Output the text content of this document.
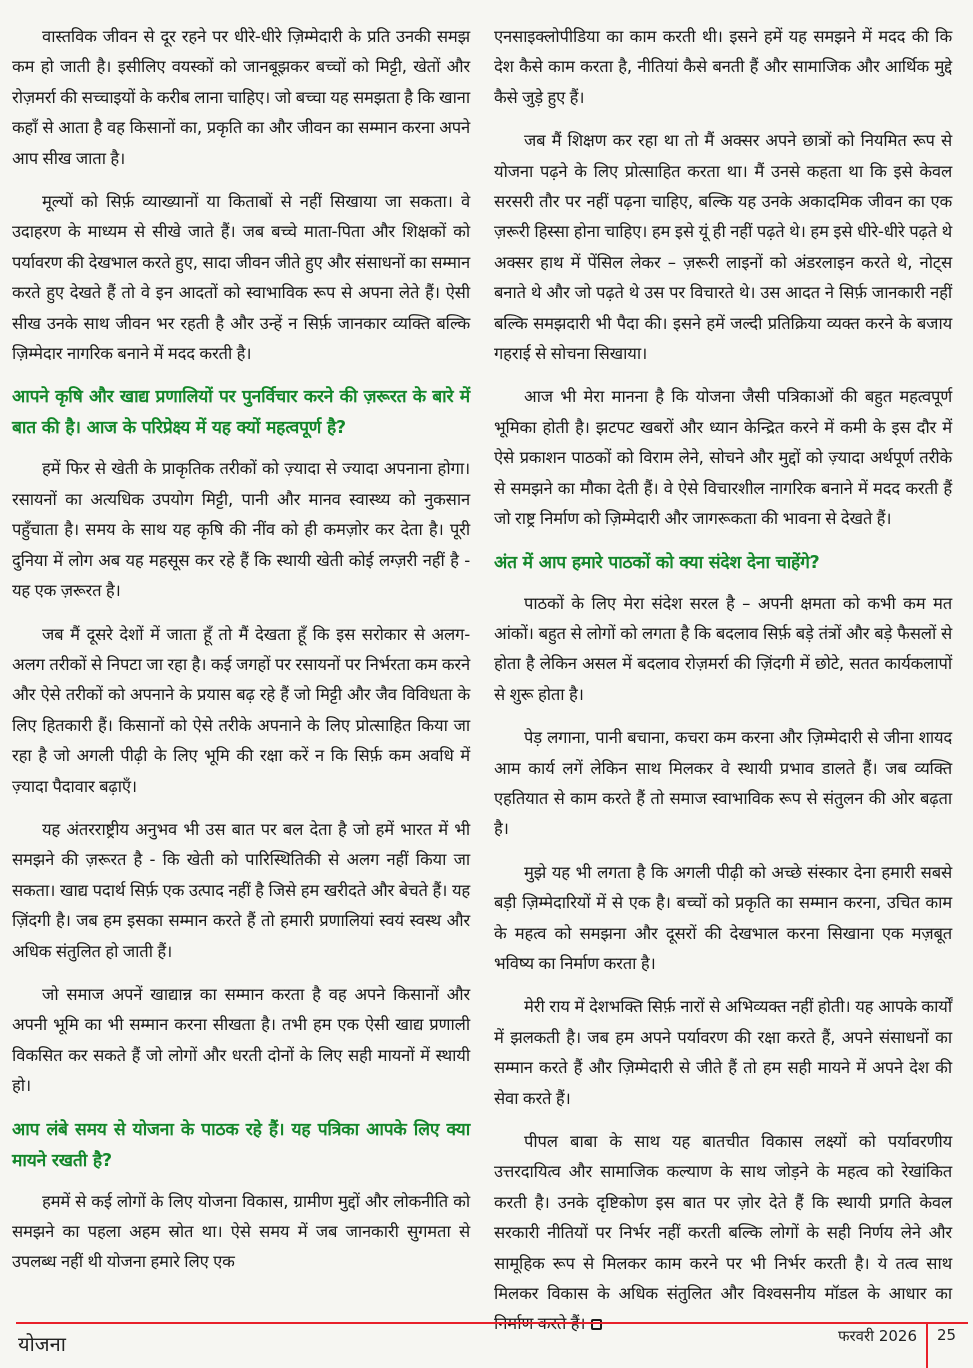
वास्तविक जीवन से दूर रहने पर धीरे-धीरे ज़िम्मेदारी के प्रति उनकी समझ कम हो जाती है। इसीलिए वयस्कों को जानबूझकर बच्चों को मिट्टी, खेतों और रोज़मर्रा की सच्चाइयों के करीब लाना चाहिए। जो बच्चा यह समझता है कि खाना कहाँ से आता है वह किसानों का, प्रकृति का और जीवन का सम्मान करना अपने आप सीख जाता है।

मूल्यों को सिर्फ़ व्याख्यानों या किताबों से नहीं सिखाया जा सकता। वे उदाहरण के माध्यम से सीखे जाते हैं। जब बच्चे माता-पिता और शिक्षकों को पर्यावरण की देखभाल करते हुए, सादा जीवन जीते हुए और संसाधनों का सम्मान करते हुए देखते हैं तो वे इन आदतों को स्वाभाविक रूप से अपना लेते हैं। ऐसी सीख उनके साथ जीवन भर रहती है और उन्हें न सिर्फ़ जानकार व्यक्ति बल्कि ज़िम्मेदार नागरिक बनाने में मदद करती है।

आपने कृषि और खाद्य प्रणालियों पर पुनर्विचार करने की ज़रूरत के बारे में बात की है। आज के परिप्रेक्ष्य में यह क्यों महत्वपूर्ण है?

हमें फिर से खेती के प्राकृतिक तरीकों को ज़्यादा से ज्यादा अपनाना होगा। रसायनों का अत्यधिक उपयोग मिट्टी, पानी और मानव स्वास्थ्य को नुकसान पहुँचाता है। समय के साथ यह कृषि की नींव को ही कमज़ोर कर देता है। पूरी दुनिया में लोग अब यह महसूस कर रहे हैं कि स्थायी खेती कोई लग्ज़री नहीं है - यह एक ज़रूरत है।

जब मैं दूसरे देशों में जाता हूँ तो मैं देखता हूँ कि इस सरोकार से अलग-अलग तरीकों से निपटा जा रहा है। कई जगहों पर रसायनों पर निर्भरता कम करने और ऐसे तरीकों को अपनाने के प्रयास बढ़ रहे हैं जो मिट्टी और जैव विविधता के लिए हितकारी हैं। किसानों को ऐसे तरीके अपनाने के लिए प्रोत्साहित किया जा रहा है जो अगली पीढ़ी के लिए भूमि की रक्षा करें न कि सिर्फ़ कम अवधि में ज़्यादा पैदावार बढ़ाएँ।

यह अंतरराष्ट्रीय अनुभव भी उस बात पर बल देता है जो हमें भारत में भी समझने की ज़रूरत है - कि खेती को पारिस्थितिकी से अलग नहीं किया जा सकता। खाद्य पदार्थ सिर्फ़ एक उत्पाद नहीं है जिसे हम खरीदते और बेचते हैं। यह ज़िंदगी है। जब हम इसका सम्मान करते हैं तो हमारी प्रणालियां स्वयं स्वस्थ और अधिक संतुलित हो जाती हैं।

जो समाज अपनें खाद्यान्न का सम्मान करता है वह अपने किसानों और अपनी भूमि का भी सम्मान करना सीखता है। तभी हम एक ऐसी खाद्य प्रणाली विकसित कर सकते हैं जो लोगों और धरती दोनों के लिए सही मायनों में स्थायी हो।

आप लंबे समय से योजना के पाठक रहे हैं। यह पत्रिका आपके लिए क्या मायने रखती है?

हममें से कई लोगों के लिए योजना विकास, ग्रामीण मुद्दों और लोकनीति को समझने का पहला अहम स्रोत था। ऐसे समय में जब जानकारी सुगमता से उपलब्ध नहीं थी योजना हमारे लिए एक

एनसाइक्लोपीडिया का काम करती थी। इसने हमें यह समझने में मदद की कि देश कैसे काम करता है, नीतियां कैसे बनती हैं और सामाजिक और आर्थिक मुद्दे कैसे जुड़े हुए हैं।

जब मैं शिक्षण कर रहा था तो मैं अक्सर अपने छात्रों को नियमित रूप से योजना पढ़ने के लिए प्रोत्साहित करता था। मैं उनसे कहता था कि इसे केवल सरसरी तौर पर नहीं पढ़ना चाहिए, बल्कि यह उनके अकादमिक जीवन का एक ज़रूरी हिस्सा होना चाहिए। हम इसे यूं ही नहीं पढ़ते थे। हम इसे धीरे-धीरे पढ़ते थे अक्सर हाथ में पेंसिल लेकर – ज़रूरी लाइनों को अंडरलाइन करते थे, नोट्स बनाते थे और जो पढ़ते थे उस पर विचारते थे। उस आदत ने सिर्फ़ जानकारी नहीं बल्कि समझदारी भी पैदा की। इसने हमें जल्दी प्रतिक्रिया व्यक्त करने के बजाय गहराई से सोचना सिखाया।

आज भी मेरा मानना है कि योजना जैसी पत्रिकाओं की बहुत महत्वपूर्ण भूमिका होती है। झटपट खबरों और ध्यान केन्द्रित करने में कमी के इस दौर में ऐसे प्रकाशन पाठकों को विराम लेने, सोचने और मुद्दों को ज़्यादा अर्थपूर्ण तरीके से समझने का मौका देती हैं। वे ऐसे विचारशील नागरिक बनाने में मदद करती हैं जो राष्ट्र निर्माण को ज़िम्मेदारी और जागरूकता की भावना से देखते हैं।

अंत में आप हमारे पाठकों को क्या संदेश देना चाहेंगे?

पाठकों के लिए मेरा संदेश सरल है – अपनी क्षमता को कभी कम मत आंकों। बहुत से लोगों को लगता है कि बदलाव सिर्फ़ बड़े तंत्रों और बड़े फैसलों से होता है लेकिन असल में बदलाव रोज़मर्रा की ज़िंदगी में छोटे, सतत कार्यकलापों से शुरू होता है।

पेड़ लगाना, पानी बचाना, कचरा कम करना और ज़िम्मेदारी से जीना शायद आम कार्य लगें लेकिन साथ मिलकर वे स्थायी प्रभाव डालते हैं। जब व्यक्ति एहतियात से काम करते हैं तो समाज स्वाभाविक रूप से संतुलन की ओर बढ़ता है।

मुझे यह भी लगता है कि अगली पीढ़ी को अच्छे संस्कार देना हमारी सबसे बड़ी ज़िम्मेदारियों में से एक है। बच्चों को प्रकृति का सम्मान करना, उचित काम के महत्व को समझना और दूसरों की देखभाल करना सिखाना एक मज़बूत भविष्य का निर्माण करता है।

मेरी राय में देशभक्ति सिर्फ़ नारों से अभिव्यक्त नहीं होती। यह आपके कार्यों में झलकती है। जब हम अपने पर्यावरण की रक्षा करते हैं, अपने संसाधनों का सम्मान करते हैं और ज़िम्मेदारी से जीते हैं तो हम सही मायने में अपने देश की सेवा करते हैं।

पीपल बाबा के साथ यह बातचीत विकास लक्ष्यों को पर्यावरणीय उत्तरदायित्व और सामाजिक कल्याण के साथ जोड़ने के महत्व को रेखांकित करती है। उनके दृष्टिकोण इस बात पर ज़ोर देते हैं कि स्थायी प्रगति केवल सरकारी नीतियों पर निर्भर नहीं करती बल्कि लोगों के सही निर्णय लेने और सामूहिक रूप से मिलकर काम करने पर भी निर्भर करती है। ये तत्व साथ मिलकर विकास के अधिक संतुलित और विश्वसनीय मॉडल के आधार का

योजना	फरवरी 2026 25
